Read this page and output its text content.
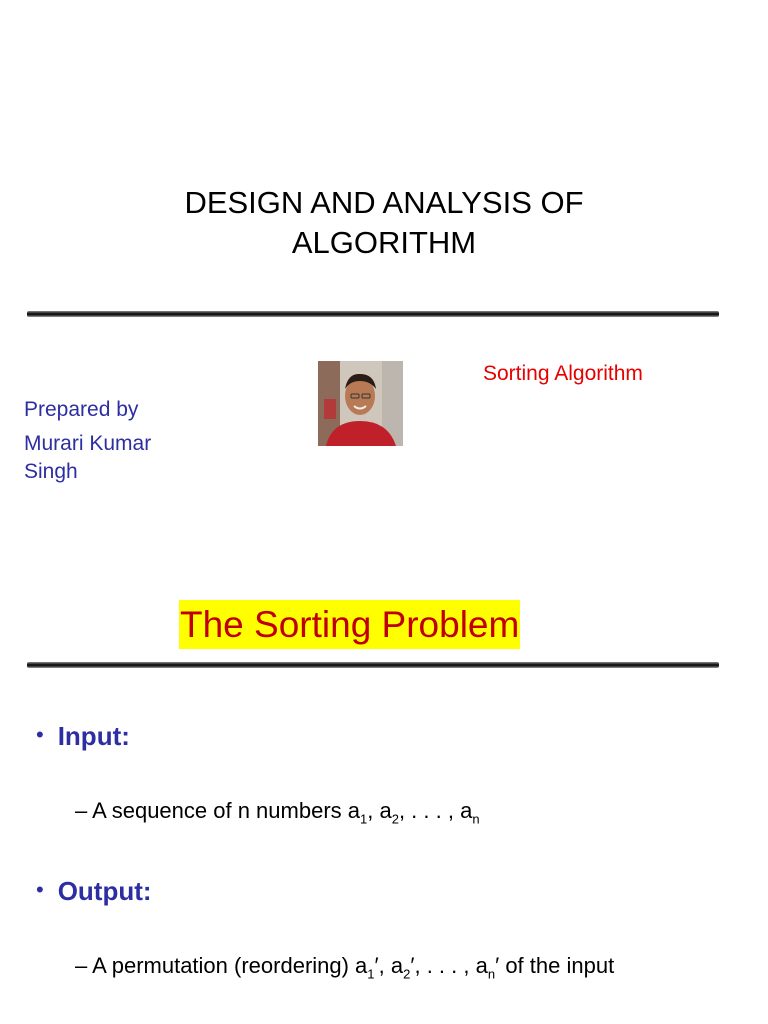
DESIGN AND ANALYSIS OF
ALGORITHM
Prepared by
Murari Kumar
Singh
Sorting Algorithm
The Sorting Problem
• Input:
– A sequence of n numbers $a_1$, $a_2$, . . . , $a_n$
• Output:
– A permutation (reordering) $a_1'$, $a_2'$, . . . , $a_n'$ of the input
